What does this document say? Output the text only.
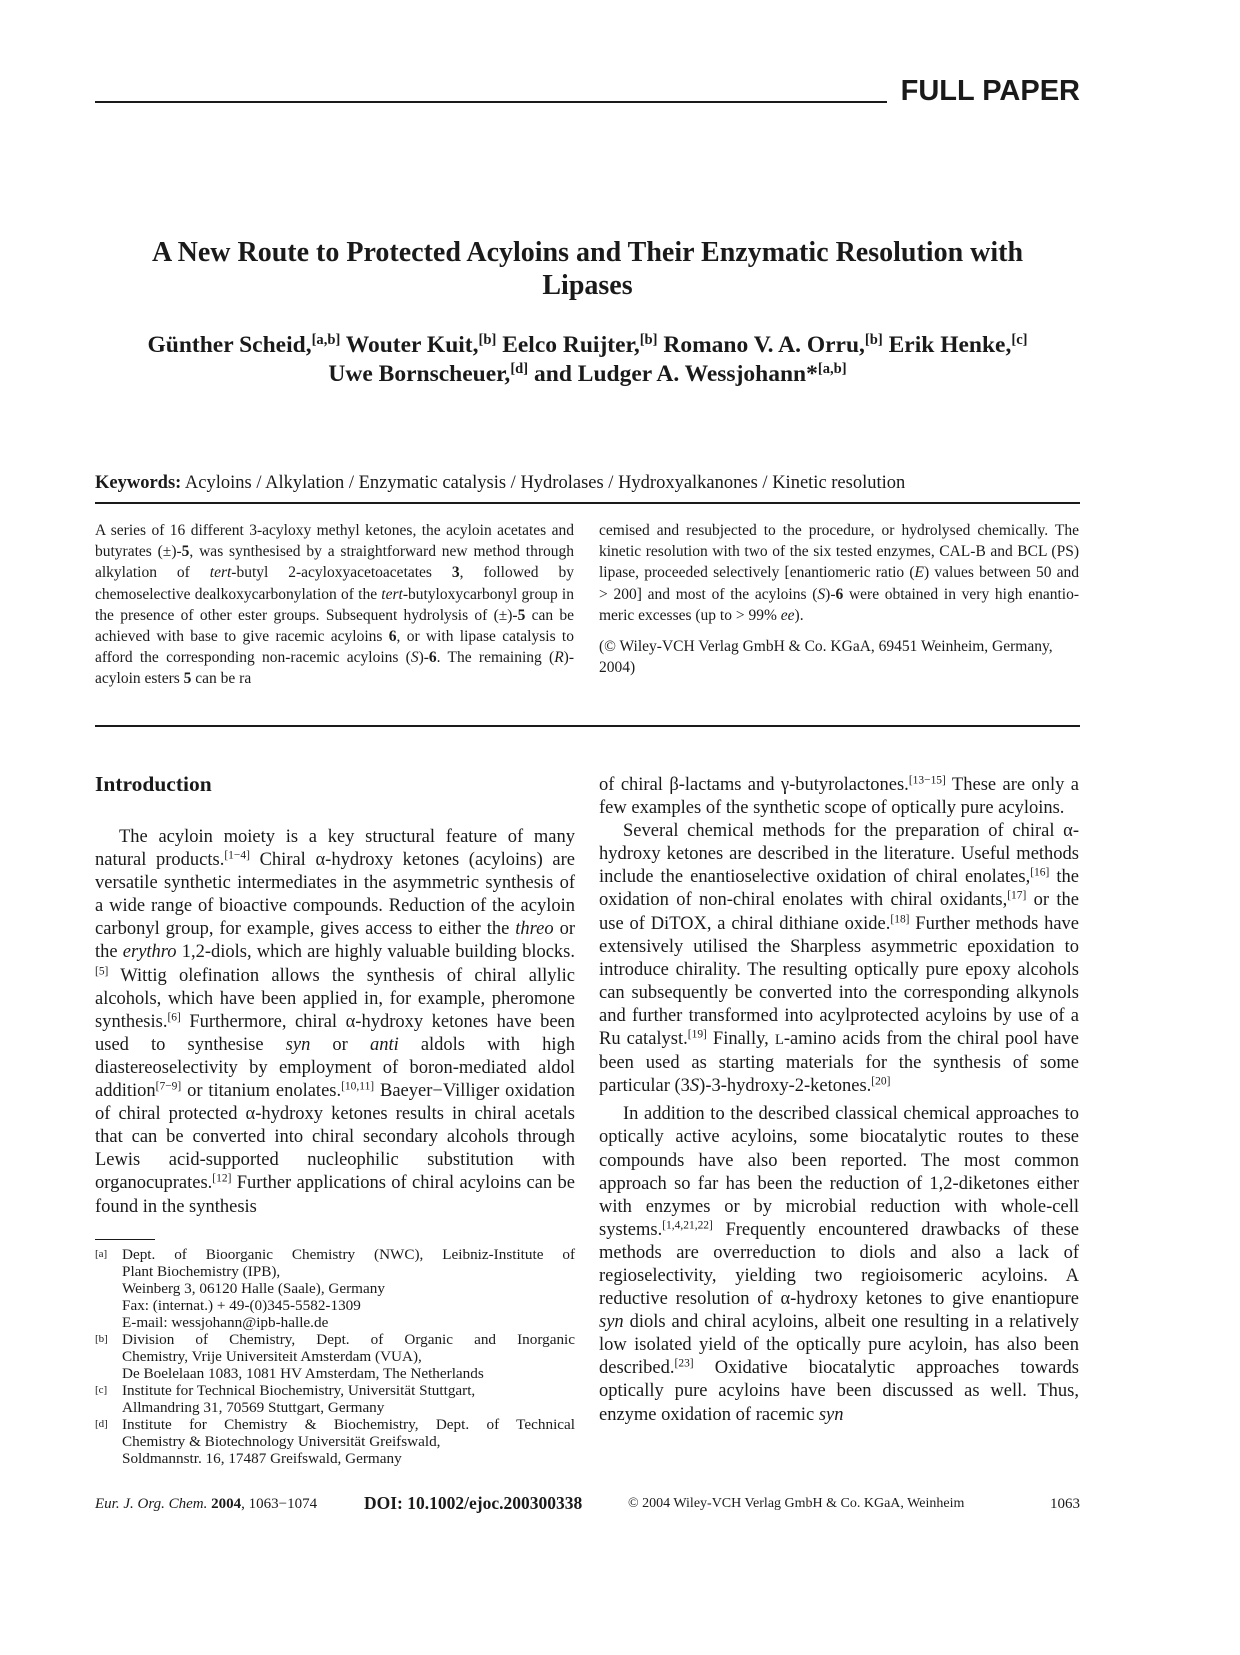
FULL PAPER
A New Route to Protected Acyloins and Their Enzymatic Resolution with
Lipases
Günther Scheid,[a,b] Wouter Kuit,[b] Eelco Ruijter,[b] Romano V. A. Orru,[b] Erik Henke,[c]
Uwe Bornscheuer,[d] and Ludger A. Wessjohann*[a,b]
Keywords: Acyloins / Alkylation / Enzymatic catalysis / Hydrolases / Hydroxyalkanones / Kinetic resolution
A series of 16 different 3-acyloxy methyl ketones, the acyloin acetates and butyrates (±)-5, was synthesised by a straightforward new method through alkylation of tert-butyl 2-acyloxyacetoacetates 3, followed by chemoselective dealkoxycarbonylation of the tert-butyloxycarbonyl group in the presence of other ester groups. Subsequent hydrolysis of (±)-5 can be achieved with base to give racemic acyloins 6, or with lipase catalysis to afford the corresponding non-racemic acyloins (S)-6. The remaining (R)-acyloin esters 5 can be ra
cemised and resubjected to the procedure, or hydrolysed chemically. The kinetic resolution with two of the six tested enzymes, CAL-B and BCL (PS) lipase, proceeded selectively [enantiomeric ratio (E) values between 50 and > 200] and most of the acyloins (S)-6 were obtained in very high enantiomeric excesses (up to > 99% ee).
(© Wiley-VCH Verlag GmbH & Co. KGaA, 69451 Weinheim, Germany, 2004)
Introduction

The acyloin moiety is a key structural feature of many natural products.[1−4] Chiral α-hydroxy ketones (acyloins) are versatile synthetic intermediates in the asymmetric synthesis of a wide range of bioactive compounds. Reduction of the acyloin carbonyl group, for example, gives access to either the threo or the erythro 1,2-diols, which are highly valuable building blocks.[5] Wittig olefination allows the synthesis of chiral allylic alcohols, which have been applied in, for example, pheromone synthesis.[6] Furthermore, chiral α-hydroxy ketones have been used to synthesise syn or anti aldols with high diastereoselectivity by employment of boron-mediated aldol addition[7−9] or titanium enolates.[10,11] Baeyer−Villiger oxidation of chiral protected α-hydroxy ketones results in chiral acetals that can be converted into chiral secondary alcohols through Lewis acid-supported nucleophilic substitution with organocuprates.[12] Further applications of chiral acyloins can be found in the synthesis

[a] Dept. of Bioorganic Chemistry (NWC), Leibniz-Institute of
Plant Biochemistry (IPB),
Weinberg 3, 06120 Halle (Saale), Germany
Fax: (internat.) + 49-(0)345-5582-1309
E-mail: wessjohann@ipb-halle.de
[b] Division of Chemistry, Dept. of Organic and Inorganic
Chemistry, Vrije Universiteit Amsterdam (VUA),
De Boelelaan 1083, 1081 HV Amsterdam, The Netherlands
[c] Institute for Technical Biochemistry, Universität Stuttgart,
Allmandring 31, 70569 Stuttgart, Germany
[d] Institute for Chemistry & Biochemistry, Dept. of Technical
Chemistry & Biotechnology Universität Greifswald,
Soldmannstr. 16, 17487 Greifswald, Germany

of chiral β-lactams and γ-butyrolactones.[13−15] These are only a few examples of the synthetic scope of optically pure acyloins.

Several chemical methods for the preparation of chiral α-hydroxy ketones are described in the literature. Useful methods include the enantioselective oxidation of chiral enolates,[16] the oxidation of non-chiral enolates with chiral oxidants,[17] or the use of DiTOX, a chiral dithiane oxide.[18] Further methods have extensively utilised the Sharpless asymmetric epoxidation to introduce chirality. The resulting optically pure epoxy alcohols can subsequently be converted into the corresponding alkynols and further transformed into acylprotected acyloins by use of a Ru catalyst.[19] Finally, L-amino acids from the chiral pool have been used as starting materials for the synthesis of some particular (3S)-3-hydroxy-2-ketones.[20]

In addition to the described classical chemical approaches to optically active acyloins, some biocatalytic routes to these compounds have also been reported. The most common approach so far has been the reduction of 1,2-diketones either with enzymes or by microbial reduction with whole-cell systems.[1,4,21,22] Frequently encountered drawbacks of these methods are overreduction to diols and also a lack of regioselectivity, yielding two regioisomeric acyloins. A reductive resolution of α-hydroxy ketones to give enantiopure syn diols and chiral acyloins, albeit one resulting in a relatively low isolated yield of the optically pure acyloin, has also been described.[23] Oxidative biocatalytic approaches towards optically pure acyloins have been discussed as well. Thus, enzyme oxidation of racemic syn

Eur. J. Org. Chem. 2004, 1063−1074	DOI: 10.1002/ejoc.200300338	© 2004 Wiley-VCH Verlag GmbH & Co. KGaA, Weinheim	1063
